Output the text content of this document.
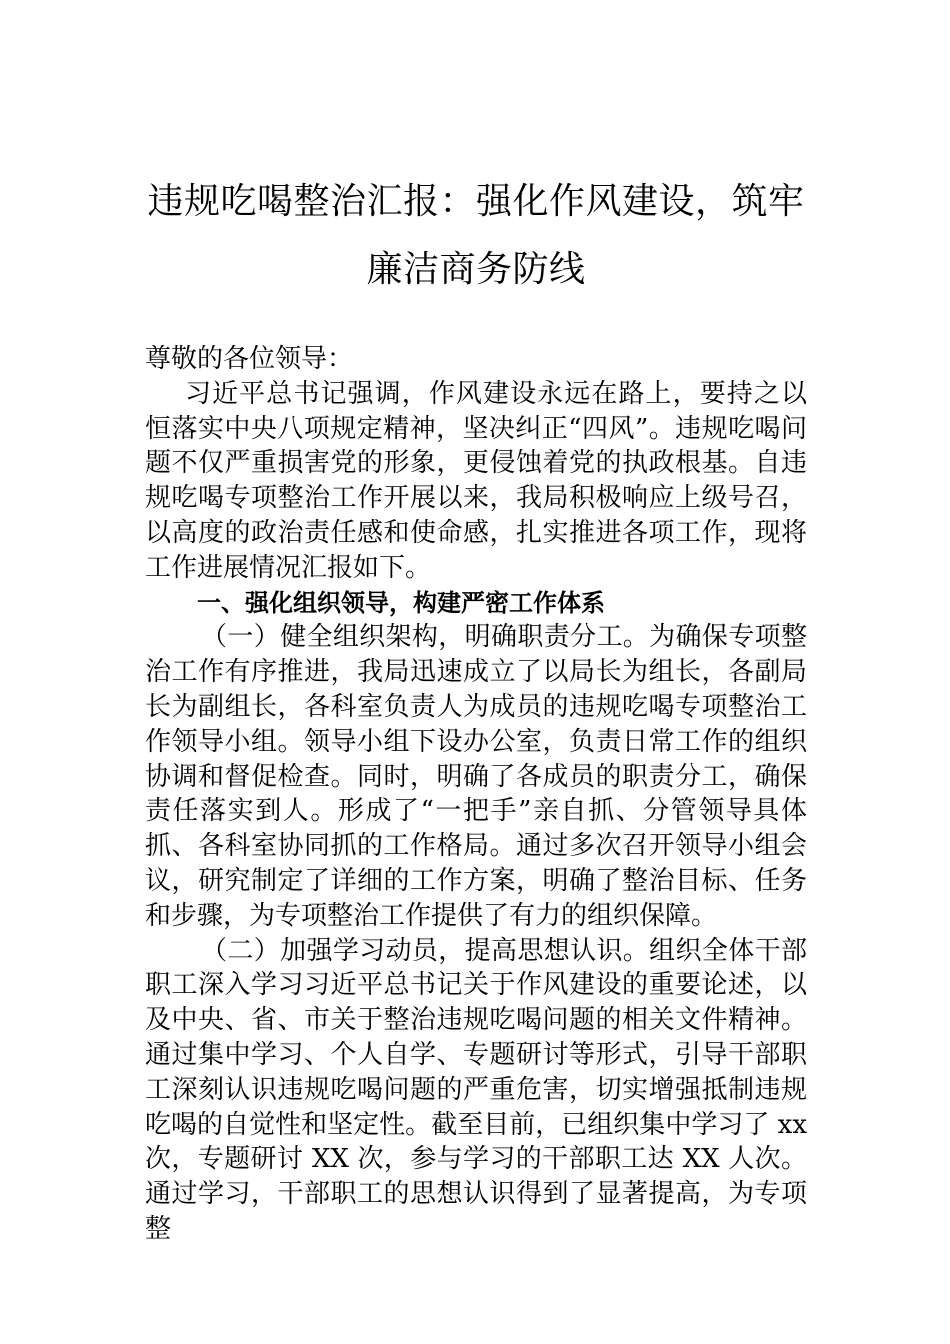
违规吃喝整治汇报：强化作风建设，筑牢
廉洁商务防线

尊敬的各位领导：

习近平总书记强调，作风建设永远在路上，要持之以恒落实中央八项规定精神，坚决纠正“四风”。违规吃喝问题不仅严重损害党的形象，更侵蚀着党的执政根基。自违规吃喝专项整治工作开展以来，我局积极响应上级号召，以高度的政治责任感和使命感，扎实推进各项工作，现将工作进展情况汇报如下。

一、强化组织领导，构建严密工作体系

（一）健全组织架构，明确职责分工。为确保专项整治工作有序推进，我局迅速成立了以局长为组长，各副局长为副组长，各科室负责人为成员的违规吃喝专项整治工作领导小组。领导小组下设办公室，负责日常工作的组织协调和督促检查。同时，明确了各成员的职责分工，确保责任落实到人。形成了“一把手”亲自抓、分管领导具体抓、各科室协同抓的工作格局。通过多次召开领导小组会议，研究制定了详细的工作方案，明确了整治目标、任务和步骤，为专项整治工作提供了有力的组织保障。

（二）加强学习动员，提高思想认识。组织全体干部职工深入学习习近平总书记关于作风建设的重要论述，以及中央、省、市关于整治违规吃喝问题的相关文件精神。通过集中学习、个人自学、专题研讨等形式，引导干部职工深刻认识违规吃喝问题的严重危害，切实增强抵制违规吃喝的自觉性和坚定性。截至目前，已组织集中学习了 xx 次，专题研讨 XX 次，参与学习的干部职工达 XX 人次。通过学习，干部职工的思想认识得到了显著提高，为专项整
